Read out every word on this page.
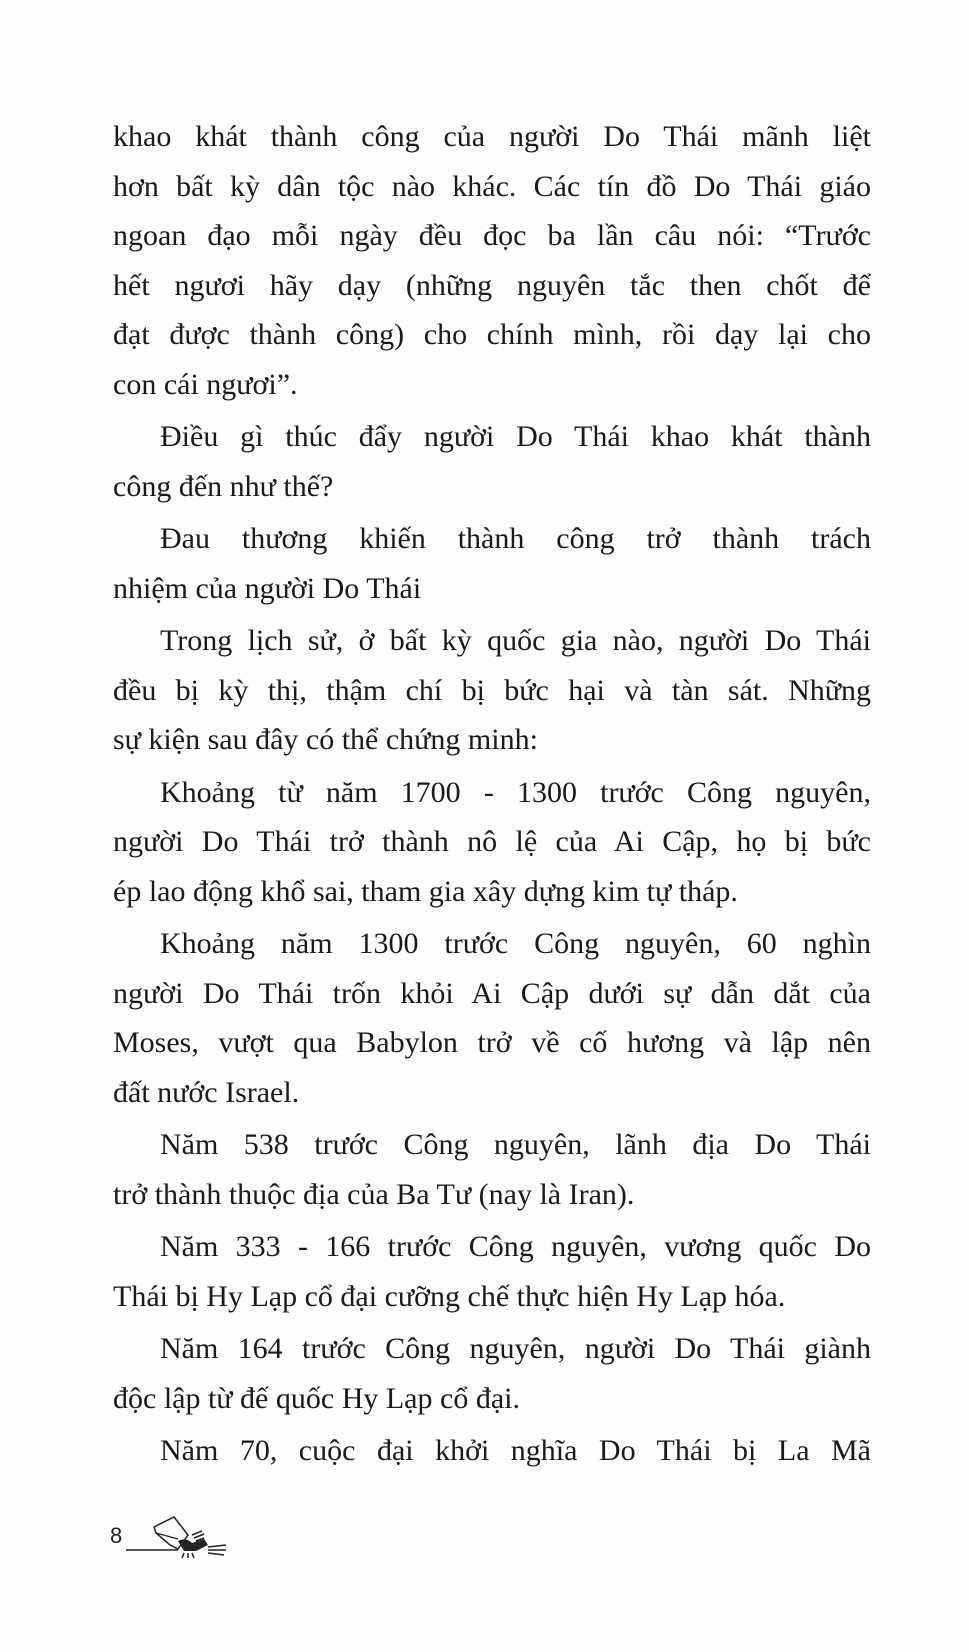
khao khát thành công của người Do Thái mãnh liệt
hơn bất kỳ dân tộc nào khác. Các tín đồ Do Thái giáo
ngoan đạo mỗi ngày đều đọc ba lần câu nói: “Trước
hết ngươi hãy dạy (những nguyên tắc then chốt để
đạt được thành công) cho chính mình, rồi dạy lại cho
con cái ngươi”.
Điều gì thúc đẩy người Do Thái khao khát thành
công đến như thế?
Đau thương khiến thành công trở thành trách
nhiệm của người Do Thái
Trong lịch sử, ở bất kỳ quốc gia nào, người Do Thái
đều bị kỳ thị, thậm chí bị bức hại và tàn sát. Những
sự kiện sau đây có thể chứng minh:
Khoảng từ năm 1700 - 1300 trước Công nguyên,
người Do Thái trở thành nô lệ của Ai Cập, họ bị bức
ép lao động khổ sai, tham gia xây dựng kim tự tháp.
Khoảng năm 1300 trước Công nguyên, 60 nghìn
người Do Thái trốn khỏi Ai Cập dưới sự dẫn dắt của
Moses, vượt qua Babylon trở về cố hương và lập nên
đất nước Israel.
Năm 538 trước Công nguyên, lãnh địa Do Thái
trở thành thuộc địa của Ba Tư (nay là Iran).
Năm 333 - 166 trước Công nguyên, vương quốc Do
Thái bị Hy Lạp cổ đại cưỡng chế thực hiện Hy Lạp hóa.
Năm 164 trước Công nguyên, người Do Thái giành
độc lập từ đế quốc Hy Lạp cổ đại.
Năm 70, cuộc đại khởi nghĩa Do Thái bị La Mã
8
